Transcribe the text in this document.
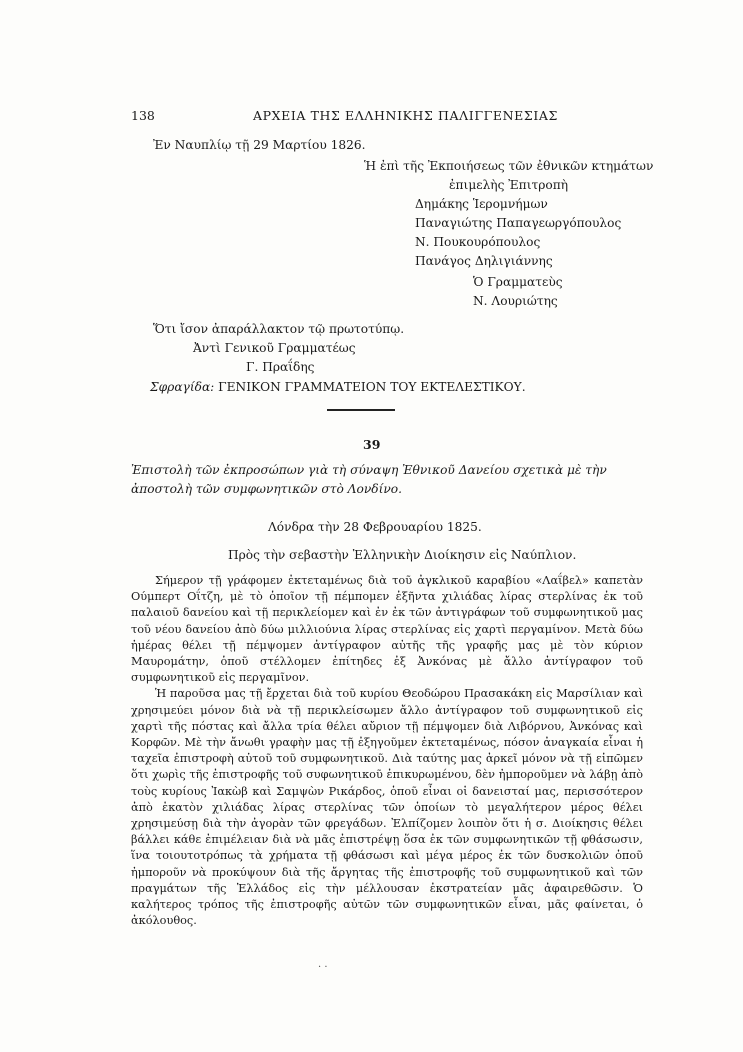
138	ΑΡΧΕΙΑ ΤΗΣ ΕΛΛΗΝΙΚΗΣ ΠΑΛΙΓΓΕΝΕΣΙΑΣ
Ἐν Ναυπλίῳ τῇ 29 Μαρτίου 1826.
Ἡ ἐπὶ τῆς Ἐκποιήσεως τῶν ἐθνικῶν κτημάτων
ἐπιμελὴς Ἐπιτροπὴ
Δημάκης Ἱερομνήμων
Παναγιώτης Παπαγεωργόπουλος
Ν. Πουκουρόπουλος
Πανάγος Δηλιγιάννης
Ὁ Γραμματεὺς
Ν. Λουριώτης
Ὅτι ἴσον ἀπαράλλακτον τῷ πρωτοτύπῳ.
Ἀντὶ Γενικοῦ Γραμματέως
Γ. Πραΐδης
Σφραγίδα: ΓΕΝΙΚΟΝ ΓΡΑΜΜΑΤΕΙΟΝ ΤΟΥ ΕΚΤΕΛΕΣΤΙΚΟΥ.
39
Ἐπιστολὴ τῶν ἐκπροσώπων γιὰ τὴ σύναψη Ἐθνικοῦ Δανείου σχετικὰ μὲ τὴν ἀποστολὴ τῶν συμφωνητικῶν στὸ Λονδίνο.
Λόνδρα τὴν 28 Φεβρουαρίου 1825.
Πρὸς τὴν σεβαστὴν Ἑλληνικὴν Διοίκησιν εἰς Ναύπλιον.

Σήμερον τῇ γράφομεν ἐκτεταμένως διὰ τοῦ ἀγκλικοῦ καραβίου «Λαΐβελ» καπετὰν Ούμπερτ Οΐτζη, μὲ τὸ ὁποῖον τῇ πέμπομεν ἐξῆντα χιλιάδας λίρας στερλίνας ἐκ τοῦ παλαιοῦ δανείου καὶ τῇ περικλείομεν καὶ ἐν ἐκ τῶν ἀντιγράφων τοῦ συμφωνητικοῦ μας τοῦ νέου δανείου ἀπὸ δύω μιλλιούνια λίρας στερλίνας εἰς χαρτὶ περγαμίνον. Μετὰ δύω ἡμέρας θέλει τῇ πέμψομεν ἀντίγραφον αὐτῆς τῆς γραφῆς μας μὲ τὸν κύριον Μαυρομάτην, ὁποῦ στέλλομεν ἐπίτηδες ἐξ Ἀνκόνας μὲ ἄλλο ἀντίγραφον τοῦ συμφωνητικοῦ εἰς περγαμῖνον.

Ἡ παροῦσα μας τῇ ἔρχεται διὰ τοῦ κυρίου Θεοδώρου Πρασακάκη εἰς Μαρσίλιαν καὶ χρησιμεύει μόνον διὰ νὰ τῇ περικλείσωμεν ἄλλο ἀντίγραφον τοῦ συμφωνητικοῦ εἰς χαρτὶ τῆς πόστας καὶ ἄλλα τρία θέλει αὔριον τῇ πέμψομεν διὰ Λιβόρνου, Ἀνκόνας καὶ Κορφῶν. Μὲ τὴν ἄνωθι γραφὴν μας τῇ ἐξηγοῦμεν ἐκτεταμένως, πόσον ἀναγκαία εἶναι ἡ ταχεῖα ἐπιστροφὴ αὐτοῦ τοῦ συμφωνητικοῦ. Διὰ ταύτης μας ἀρκεῖ μόνον νὰ τῇ εἰπῶμεν ὅτι χωρὶς τῆς ἐπιστροφῆς τοῦ συφωνητικοῦ ἐπικυρωμένου, δὲν ἠμποροῦμεν νὰ λάβῃ ἀπὸ τοὺς κυρίους Ἰακὼβ καὶ Σαμψὼν Ρικάρδος, ὁποῦ εἶναι οἱ δανεισταί μας, περισσότερον ἀπὸ ἑκατὸν χιλιάδας λίρας στερλίνας τῶν ὁποίων τὸ μεγαλήτερον μέρος θέλει χρησιμεύσῃ διὰ τὴν ἀγορὰν τῶν φρεγάδων. Ἐλπίζομεν λοιπὸν ὅτι ἡ σ. Διοίκησις θέλει βάλλει κάθε ἐπιμέλειαν διὰ νὰ μᾶς ἐπιστρέψῃ ὅσα ἐκ τῶν συμφωνητικῶν τῇ φθάσωσιν, ἵνα τοιουτοτρόπως τὰ χρήματα τῇ φθάσωσι καὶ μέγα μέρος ἐκ τῶν δυσκολιῶν ὁποῦ ἠμποροῦν νὰ προκύψουν διὰ τῆς ἄργητας τῆς ἐπιστροφῆς τοῦ συμφωνητικοῦ καὶ τῶν πραγμάτων τῆς Ἑλλάδος εἰς τὴν μέλλουσαν ἐκστρατείαν μᾶς ἀφαιρεθῶσιν. Ὁ καλήτερος τρόπος τῆς ἐπιστροφῆς αὐτῶν τῶν συμφωνητικῶν εἶναι, μᾶς φαίνεται, ὁ ἀκόλουθος.

· ·
